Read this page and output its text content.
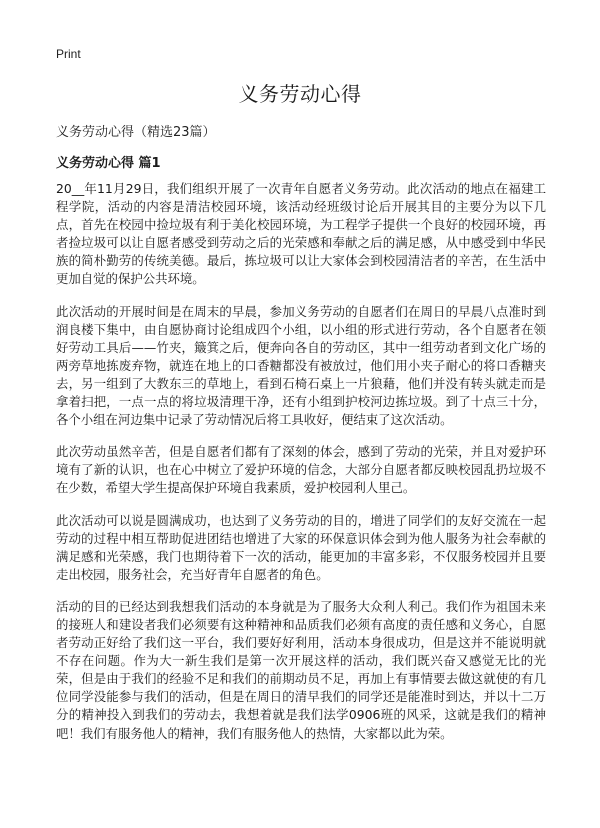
Print
义务劳动心得
义务劳动心得（精选23篇）
义务劳动心得 篇1

20__年11月29日，我们组织开展了一次青年自愿者义务劳动。此次活动的地点在福建工程学院，活动的内容是清洁校园环境，该活动经班级讨论后开展其目的主要分为以下几点，首先在校园中捡垃圾有利于美化校园环境，为工程学子提供一个良好的校园环境，再者捡垃圾可以让自愿者感受到劳动之后的光荣感和奉献之后的满足感，从中感受到中华民族的简朴勤劳的传统美德。最后，拣垃圾可以让大家体会到校园清洁者的辛苦，在生活中更加自觉的保护公共环境。

此次活动的开展时间是在周末的早晨，参加义务劳动的自愿者们在周日的早晨八点准时到润良楼下集中，由自愿协商讨论组成四个小组，以小组的形式进行劳动，各个自愿者在领好劳动工具后——竹夹，簸箕之后，便奔向各自的劳动区，其中一组劳动者到文化广场的两旁草地拣废弃物，就连在地上的口香糖都没有被放过，他们用小夹子耐心的将口香糖夹去，另一组到了大教东三的草地上，看到石椅石桌上一片狼藉，他们并没有转头就走而是拿着扫把，一点一点的将垃圾清理干净，还有小组到护校河边拣垃圾。到了十点三十分，各个小组在河边集中记录了劳动情况后将工具收好，便结束了这次活动。

此次劳动虽然辛苦，但是自愿者们都有了深刻的体会，感到了劳动的光荣，并且对爱护环境有了新的认识，也在心中树立了爱护环境的信念，大部分自愿者都反映校园乱扔垃圾不在少数，希望大学生提高保护环境自我素质，爱护校园利人里己。

此次活动可以说是圆满成功，也达到了义务劳动的目的，增进了同学们的友好交流在一起劳动的过程中相互帮助促进团结也增进了大家的环保意识体会到为他人服务为社会奉献的满足感和光荣感，我门也期待着下一次的活动，能更加的丰富多彩，不仅服务校园并且要走出校园，服务社会，充当好青年自愿者的角色。

活动的目的已经达到我想我们活动的本身就是为了服务大众利人利己。我们作为祖国未来的接班人和建设者我们必须要有这种精神和品质我们必须有高度的责任感和义务心，自愿者劳动正好给了我们这一平台，我们要好好利用，活动本身很成功，但是这并不能说明就不存在问题。作为大一新生我们是第一次开展这样的活动，我们既兴奋又感觉无比的光荣，但是由于我们的经验不足和我们的前期动员不足，再加上有事情要去做这就使的有几位同学没能参与我们的活动，但是在周日的清早我们的同学还是能准时到达，并以十二万分的精神投入到我们的劳动去，我想着就是我们法学0906班的风采，这就是我们的精神吧！我们有服务他人的精神，我们有服务他人的热情，大家都以此为荣。
